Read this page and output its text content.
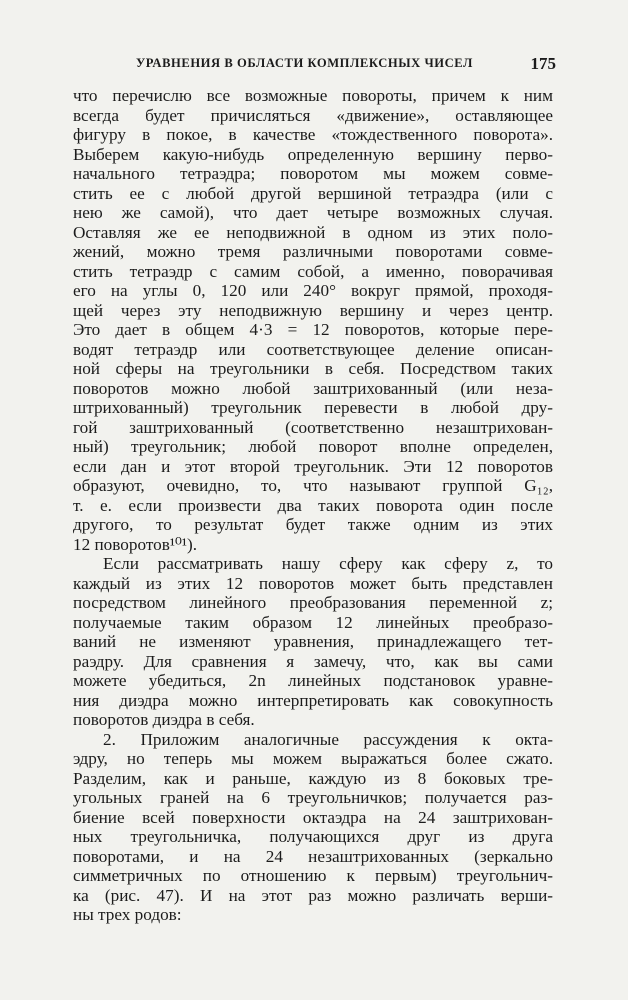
УРАВНЕНИЯ В ОБЛАСТИ КОМПЛЕКСНЫХ ЧИСЕЛ	175
что перечислю все возможные повороты, причем к ним
всегда будет причисляться «движение», оставляющее
фигуру в покое, в качестве «тождественного поворота».
Выберем какую-нибудь определенную вершину перво-
начального тетраэдра; поворотом мы можем совме-
стить ее с любой другой вершиной тетраэдра (или с
нею же самой), что дает четыре возможных случая.
Оставляя же ее неподвижной в одном из этих поло-
жений, можно тремя различными поворотами совме-
стить тетраэдр с самим собой, а именно, поворачивая
его на углы 0, 120 или 240° вокруг прямой, проходя-
щей через эту неподвижную вершину и через центр.
Это дает в общем 4·3 = 12 поворотов, которые пере-
водят тетраэдр или соответствующее деление описан-
ной сферы на треугольники в себя. Посредством таких
поворотов можно любой заштрихованный (или неза-
штрихованный) треугольник перевести в любой дру-
гой заштрихованный (соответственно незаштрихован-
ный) треугольник; любой поворот вполне определен,
если дан и этот второй треугольник. Эти 12 поворотов
образуют, очевидно, то, что называют группой G₁₂,
т. е. если произвести два таких поворота один после
другого, то результат будет также одним из этих
12 поворотов¹⁰¹).
Если рассматривать нашу сферу как сферу z, то
каждый из этих 12 поворотов может быть представлен
посредством линейного преобразования переменной z;
получаемые таким образом 12 линейных преобразо-
ваний не изменяют уравнения, принадлежащего тет-
раэдру. Для сравнения я замечу, что, как вы сами
можете убедиться, 2n линейных подстановок уравне-
ния диэдра можно интерпретировать как совокупность
поворотов диэдра в себя.
2. Приложим аналогичные рассуждения к окта-
эдру, но теперь мы можем выражаться более сжато.
Разделим, как и раньше, каждую из 8 боковых тре-
угольных граней на 6 треугольничков; получается раз-
биение всей поверхности октаэдра на 24 заштрихован-
ных треугольничка, получающихся друг из друга
поворотами, и на 24 незаштрихованных (зеркально
симметричных по отношению к первым) треугольнич-
ка (рис. 47). И на этот раз можно различать верши-
ны трех родов:
